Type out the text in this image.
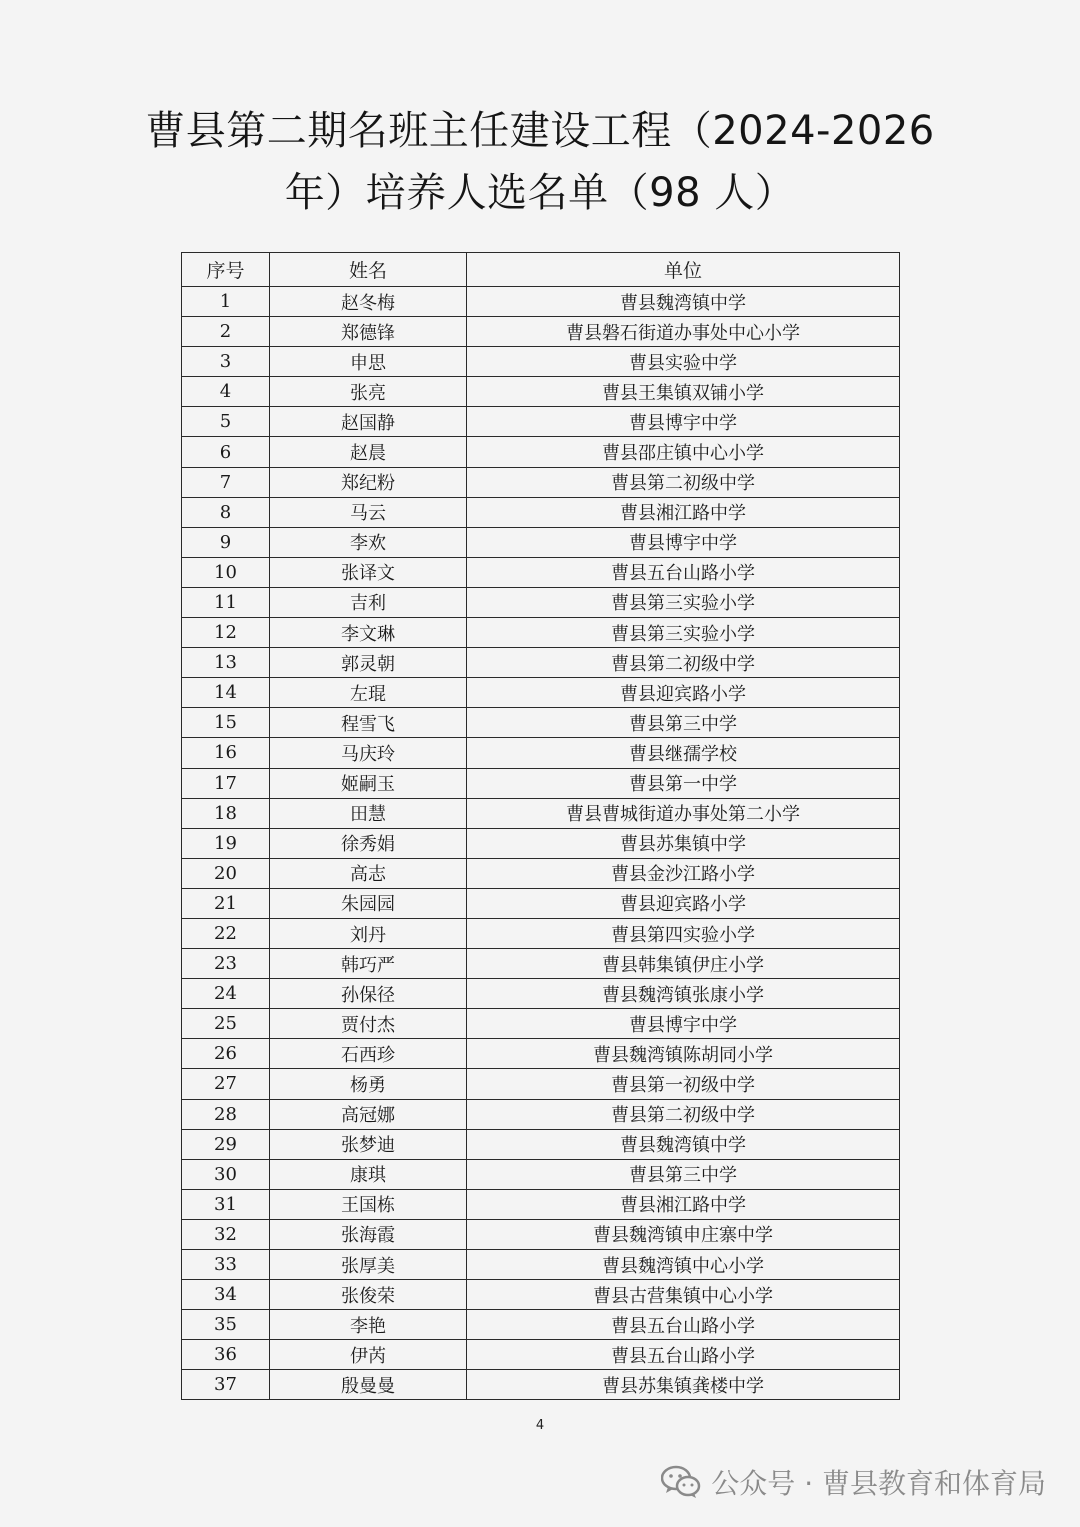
曹县第二期名班主任建设工程（2024-2026
年）培养人选名单（98 人）
序号	姓名	单位
1	赵冬梅	曹县魏湾镇中学
2	郑德锋	曹县磐石街道办事处中心小学
3	申思	曹县实验中学
4	张亮	曹县王集镇双铺小学
5	赵国静	曹县博宇中学
6	赵晨	曹县邵庄镇中心小学
7	郑纪粉	曹县第二初级中学
8	马云	曹县湘江路中学
9	李欢	曹县博宇中学
10	张译文	曹县五台山路小学
11	吉利	曹县第三实验小学
12	李文琳	曹县第三实验小学
13	郭灵朝	曹县第二初级中学
14	左琨	曹县迎宾路小学
15	程雪飞	曹县第三中学
16	马庆玲	曹县继孺学校
17	姬嗣玉	曹县第一中学
18	田慧	曹县曹城街道办事处第二小学
19	徐秀娟	曹县苏集镇中学
20	高志	曹县金沙江路小学
21	朱园园	曹县迎宾路小学
22	刘丹	曹县第四实验小学
23	韩巧严	曹县韩集镇伊庄小学
24	孙保径	曹县魏湾镇张康小学
25	贾付杰	曹县博宇中学
26	石西珍	曹县魏湾镇陈胡同小学
27	杨勇	曹县第一初级中学
28	高冠娜	曹县第二初级中学
29	张梦迪	曹县魏湾镇中学
30	康琪	曹县第三中学
31	王国栋	曹县湘江路中学
32	张海霞	曹县魏湾镇申庄寨中学
33	张厚美	曹县魏湾镇中心小学
34	张俊荣	曹县古营集镇中心小学
35	李艳	曹县五台山路小学
36	伊芮	曹县五台山路小学
37	殷曼曼	曹县苏集镇龚楼中学
4
公众号 · 曹县教育和体育局
